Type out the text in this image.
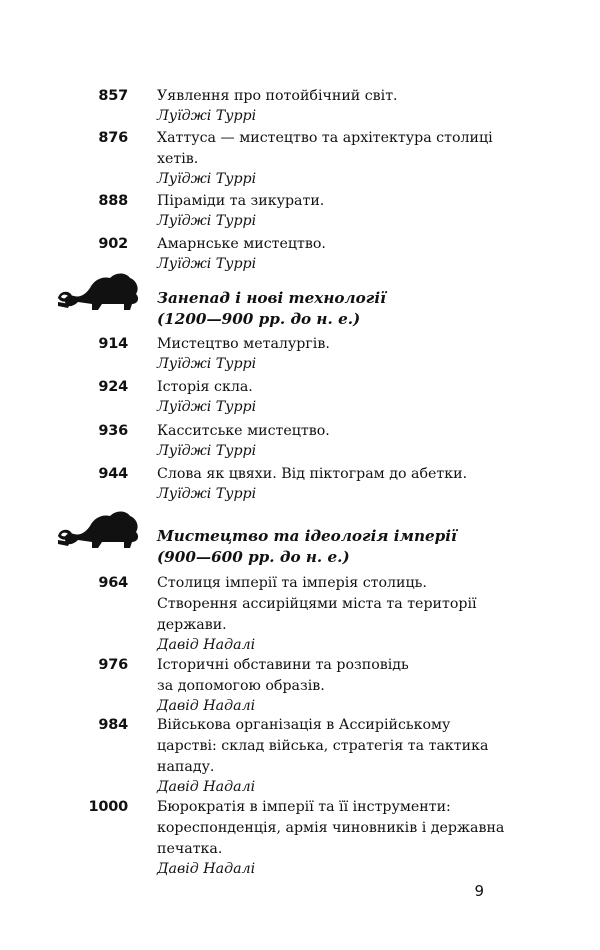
857 Уявлення про потойбічний світ.
Луїджі Туррі
876 Хаттуса — мистецтво та архітектура столиці
хетів.
Луїджі Туррі
888 Піраміди та зикурати.
Луїджі Туррі
902 Амарнське мистецтво.
Луїджі Туррі
Занепад і нові технології
(1200—900 рр. до н. е.)
914 Мистецтво металургів.
Луїджі Туррі
924 Історія скла.
Луїджі Туррі
936 Касситське мистецтво.
Луїджі Туррі
944 Слова як цвяхи. Від піктограм до абетки.
Луїджі Туррі
Мистецтво та ідеологія імперії
(900—600 рр. до н. е.)
964 Столиця імперії та імперія столиць.
Створення ассирійцями міста та території
держави.
Давід Надалі
976 Історичні обставини та розповідь
за допомогою образів.
Давід Надалі
984 Військова організація в Ассирійському
царстві: склад війська, стратегія та тактика
нападу.
Давід Надалі
1000 Бюрократія в імперії та її інструменти:
кореспонденція, армія чиновників і державна
печатка.
Давід Надалі
9
